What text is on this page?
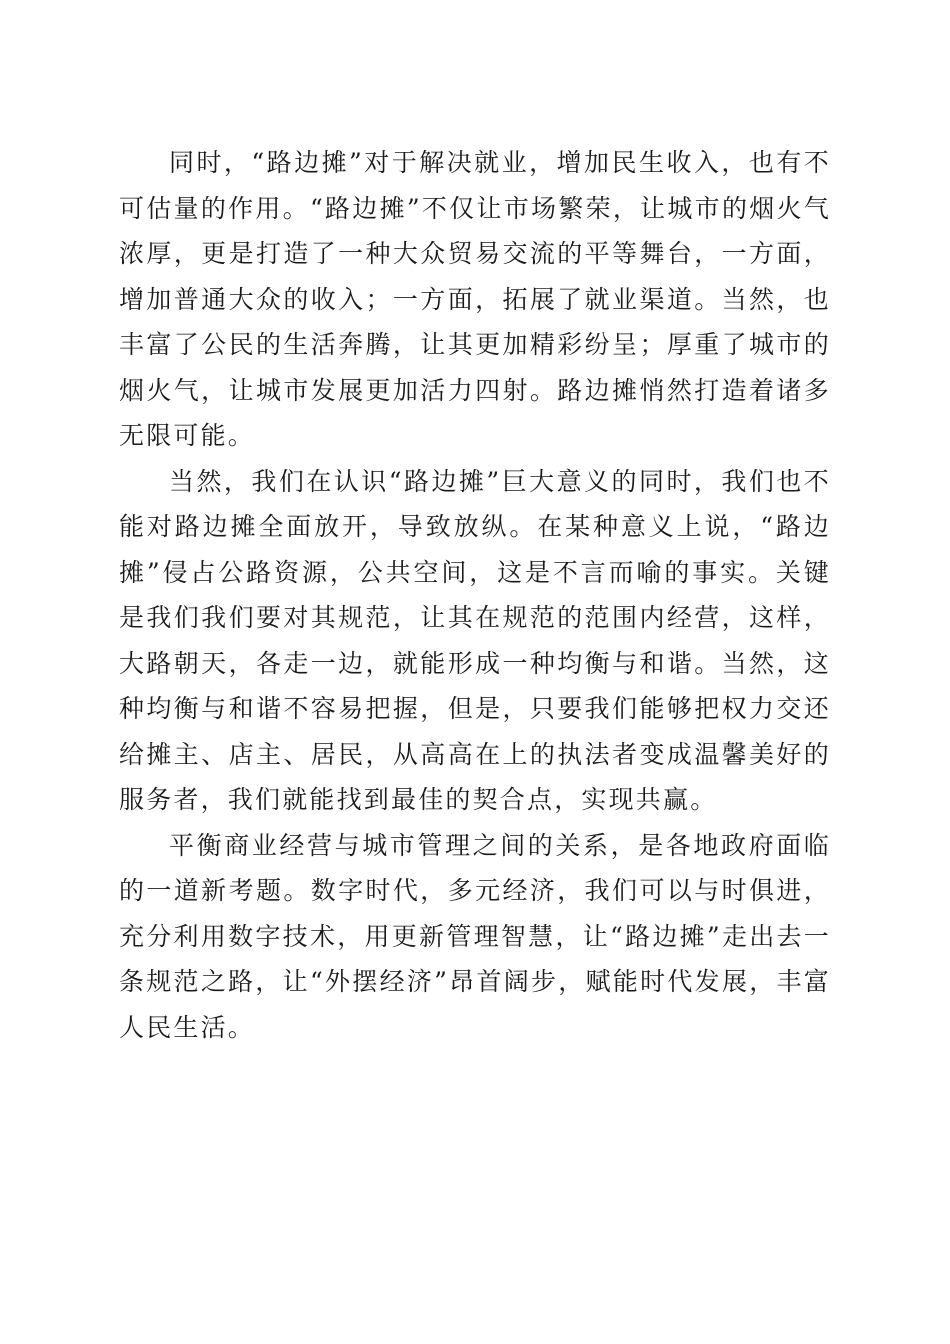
同时，“路边摊”对于解决就业，增加民生收入，也有不可估量的作用。“路边摊”不仅让市场繁荣，让城市的烟火气浓厚，更是打造了一种大众贸易交流的平等舞台，一方面，增加普通大众的收入；一方面，拓展了就业渠道。当然，也丰富了公民的生活奔腾，让其更加精彩纷呈；厚重了城市的烟火气，让城市发展更加活力四射。路边摊悄然打造着诸多无限可能。

当然，我们在认识“路边摊”巨大意义的同时，我们也不能对路边摊全面放开，导致放纵。在某种意义上说，“路边摊”侵占公路资源，公共空间，这是不言而喻的事实。关键是我们我们要对其规范，让其在规范的范围内经营，这样，大路朝天，各走一边，就能形成一种均衡与和谐。当然，这种均衡与和谐不容易把握，但是，只要我们能够把权力交还给摊主、店主、居民，从高高在上的执法者变成温馨美好的服务者，我们就能找到最佳的契合点，实现共赢。

平衡商业经营与城市管理之间的关系，是各地政府面临的一道新考题。数字时代，多元经济，我们可以与时俱进，充分利用数字技术，用更新管理智慧，让“路边摊”走出去一条规范之路，让“外摆经济”昂首阔步，赋能时代发展，丰富人民生活。
